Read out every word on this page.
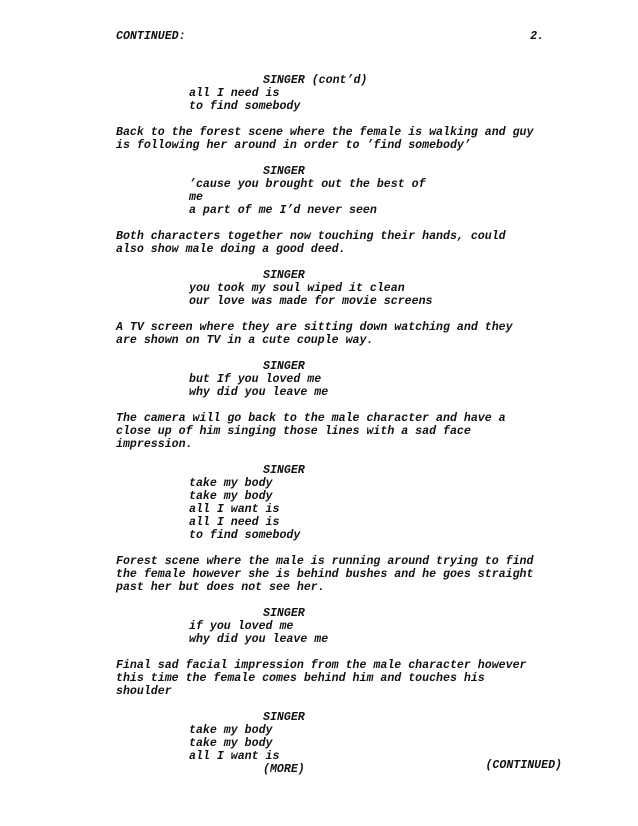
CONTINUED:	2.
SINGER (cont’d)
all I need is
to find somebody
Back to the forest scene where the female is walking and guy
is following her around in order to ’find somebody’
SINGER
’cause you brought out the best of
me
a part of me I’d never seen
Both characters together now touching their hands, could
also show male doing a good deed.
SINGER
you took my soul wiped it clean
our love was made for movie screens
A TV screen where they are sitting down watching and they
are shown on TV in a cute couple way.
SINGER
but If you loved me
why did you leave me
The camera will go back to the male character and have a
close up of him singing those lines with a sad face
impression.
SINGER
take my body
take my body
all I want is
all I need is
to find somebody
Forest scene where the male is running around trying to find
the female however she is behind bushes and he goes straight
past her but does not see her.
SINGER
if you loved me
why did you leave me
Final sad facial impression from the male character however
this time the female comes behind him and touches his
shoulder
SINGER
take my body
take my body
all I want is
(MORE)	(CONTINUED)
